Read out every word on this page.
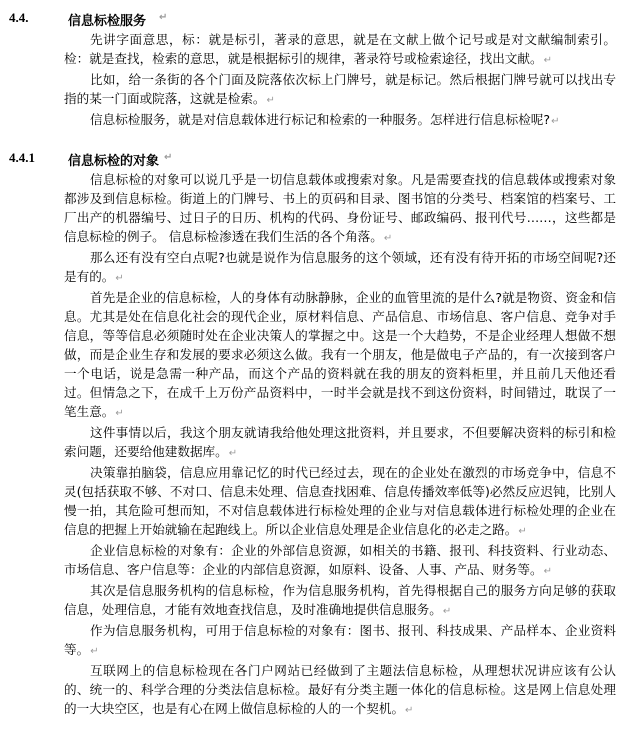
4.4.	信息标检服务 ↵

先讲字面意思，标：就是标引，著录的意思，就是在文献上做个记号或是对文献编制索引。检：就是查找，检索的意思，就是根据标引的规律，著录符号或检索途径，找出文献。↵

比如，给一条街的各个门面及院落依次标上门牌号，就是标记。然后根据门牌号就可以找出专指的某一门面或院落，这就是检索。↵

信息标检服务，就是对信息载体进行标记和检索的一种服务。怎样进行信息标检呢?↵

4.4.1	信息标检的对象 ↵

信息标检的对象可以说几乎是一切信息载体或搜索对象。凡是需要查找的信息载体或搜索对象都涉及到信息标检。街道上的门牌号、书上的页码和目录、图书馆的分类号、档案馆的档案号、工厂出产的机器编号、过日子的日历、机构的代码、身份证号、邮政编码、报刊代号……，这些都是信息标检的例子。 信息标检渗透在我们生活的各个角落。↵

那么还有没有空白点呢?也就是说作为信息服务的这个领域，还有没有待开拓的市场空间呢?还是有的。↵

首先是企业的信息标检，人的身体有动脉静脉，企业的血管里流的是什么?就是物资、资金和信息。尤其是处在信息化社会的现代企业，原材料信息、产品信息、市场信息、客户信息、竞争对手信息，等等信息必须随时处在企业决策人的掌握之中。这是一个大趋势，不是企业经理人想做不想做，而是企业生存和发展的要求必须这么做。我有一个朋友，他是做电子产品的，有一次接到客户一个电话，说是急需一种产品，而这个产品的资料就在我的朋友的资料柜里，并且前几天他还看过。但情急之下，在成千上万份产品资料中，一时半会就是找不到这份资料，时间错过，耽误了一笔生意。↵

这件事情以后，我这个朋友就请我给他处理这批资料，并且要求，不但要解决资料的标引和检索问题，还要给他建数据库。↵

决策靠拍脑袋，信息应用靠记忆的时代已经过去，现在的企业处在激烈的市场竞争中，信息不灵(包括获取不够、不对口、信息未处理、信息查找困难、信息传播效率低等)必然反应迟钝，比别人慢一拍，其危险可想而知，不对信息载体进行标检处理的企业与对信息载体进行标检处理的企业在信息的把握上开始就输在起跑线上。所以企业信息处理是企业信息化的必走之路。↵

企业信息标检的对象有：企业的外部信息资源，如相关的书籍、报刊、科技资料、行业动态、市场信息、客户信息等：企业的内部信息资源，如原料、设备、人事、产品、财务等。↵

其次是信息服务机构的信息标检，作为信息服务机构，首先得根据自己的服务方向足够的获取信息，处理信息，才能有效地查找信息，及时准确地提供信息服务。↵

作为信息服务机构，可用于信息标检的对象有：图书、报刊、科技成果、产品样本、企业资料等。↵

互联网上的信息标检现在各门户网站已经做到了主题法信息标检，从理想状况讲应该有公认的、统一的、科学合理的分类法信息标检。最好有分类主题一体化的信息标检。这是网上信息处理的一大块空区，也是有心在网上做信息标检的人的一个契机。↵
